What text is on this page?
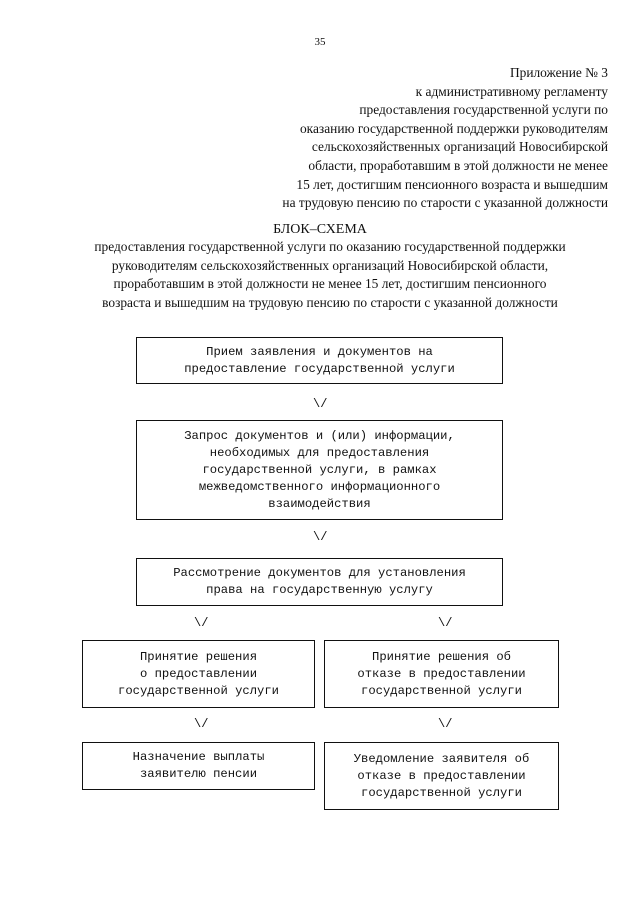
35
Приложение № 3
к административному регламенту
предоставления государственной услуги по
оказанию государственной поддержки руководителям
сельскохозяйственных организаций Новосибирской
области, проработавшим в этой должности не менее
15 лет, достигшим пенсионного возраста и вышедшим
на трудовую пенсию по старости с указанной должности
БЛОК–СХЕМА
предоставления государственной услуги по оказанию государственной поддержки
руководителям сельскохозяйственных организаций Новосибирской области,
проработавшим в этой должности не менее 15 лет, достигшим пенсионного
возраста и вышедшим на трудовую пенсию по старости с указанной должности
Прием заявления и документов на
предоставление государственной услуги
\/
Запрос документов и (или) информации,
необходимых для предоставления
государственной услуги, в рамках
межведомственного информационного
взаимодействия
\/
Рассмотрение документов для установления
права на государственную услугу
\/	\/
Принятие решения
о предоставлении
государственной услуги
Принятие решения об
отказе в предоставлении
государственной услуги
\/	\/
Назначение выплаты
заявителю пенсии
Уведомление заявителя об
отказе в предоставлении
государственной услуги
